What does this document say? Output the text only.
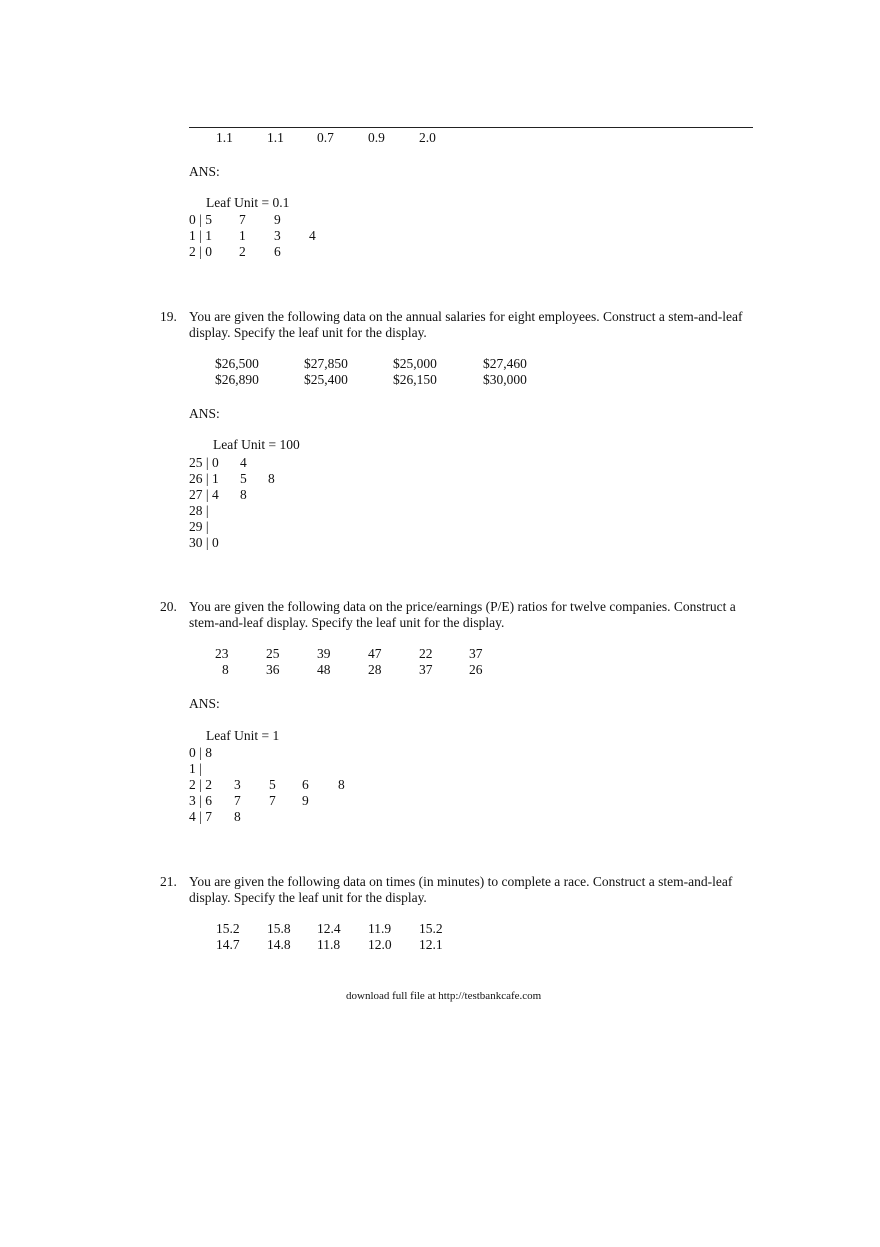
1.1	1.1 0.7	0.9	2.0
ANS:
Leaf Unit = 0.1
0 | 5 7 9
1 | 1 1 3 4
2 | 0 2 6
19. You are given the following data on the annual salaries for eight employees. Construct a stem-and-leaf
display. Specify the leaf unit for the display.
$26,500	$27,850	$25,000	$27,460
$26,890	$25,400	$26,150	$30,000
ANS:
Leaf Unit = 100
25 | 0 4
26 | 1 5 8
27 | 4 8
28 |
29 |
30 | 0
20. You are given the following data on the price/earnings (P/E) ratios for twelve companies. Construct a
stem-and-leaf display. Specify the leaf unit for the display.
23	25	39	47	22	37
8	36	48	28	37	26
ANS:
Leaf Unit = 1
0 | 8
1 |
2 | 2 3 5 6 8
3 | 6 7 7 9
4 | 7 8
21. You are given the following data on times (in minutes) to complete a race. Construct a stem-and-leaf
display. Specify the leaf unit for the display.
15.2 15.8 12.4 11.9 15.2
14.7 14.8 11.8 12.0 12.1
download full file at http://testbankcafe.com
